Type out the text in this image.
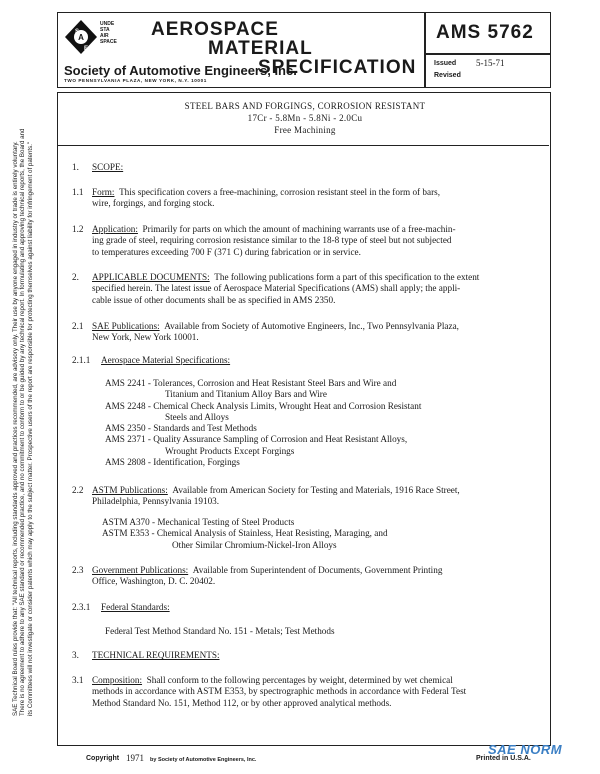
A
S
E
UNDE
STA
AIR
SPACE
AEROSPACE
MATERIAL
SPECIFICATION
Society of Automotive Engineers, Inc.
TWO PENNSYLVANIA PLAZA, NEW YORK, N.Y. 10001
AMS 5762
Issued 5-15-71
Revised
SAE Technical Board rules provide that: "All technical reports, including standards approved and practices recommended, are advisory only. Their use by anyone engaged in industry or trade is entirely voluntary. There is no agreement to adhere to any SAE standard or recommended practice, and no commitment to conform to or be guided by any technical report. In formulating and approving technical reports, the Board and its Committees will not investigate or consider patents which may apply to the subject matter. Prospective users of the report are responsible for protecting themselves against liability for infringement of patents."
STEEL BARS AND FORGINGS, CORROSION RESISTANT
17Cr - 5.8Mn - 5.8Ni - 2.0Cu
Free Machining
1. SCOPE:
1.1 Form: This specification covers a free-machining, corrosion resistant steel in the form of bars,
wire, forgings, and forging stock.
1.2 Application: Primarily for parts on which the amount of machining warrants use of a free-machin-
ing grade of steel, requiring corrosion resistance similar to the 18-8 type of steel but not subjected
to temperatures exceeding 700 F (371 C) during fabrication or in service.
2. APPLICABLE DOCUMENTS: The following publications form a part of this specification to the extent
specified herein. The latest issue of Aerospace Material Specifications (AMS) shall apply; the appli-
cable issue of other documents shall be as specified in AMS 2350.
2.1 SAE Publications: Available from Society of Automotive Engineers, Inc., Two Pennsylvania Plaza,
New York, New York 10001.
2.1.1 Aerospace Material Specifications:
AMS 2241 - Tolerances, Corrosion and Heat Resistant Steel Bars and Wire and
Titanium and Titanium Alloy Bars and Wire
AMS 2248 - Chemical Check Analysis Limits, Wrought Heat and Corrosion Resistant
Steels and Alloys
AMS 2350 - Standards and Test Methods
AMS 2371 - Quality Assurance Sampling of Corrosion and Heat Resistant Alloys,
Wrought Products Except Forgings
AMS 2808 - Identification, Forgings
2.2 ASTM Publications: Available from American Society for Testing and Materials, 1916 Race Street,
Philadelphia, Pennsylvania 19103.
ASTM A370 - Mechanical Testing of Steel Products
ASTM E353 - Chemical Analysis of Stainless, Heat Resisting, Maraging, and
Other Similar Chromium-Nickel-Iron Alloys
2.3 Government Publications: Available from Superintendent of Documents, Government Printing
Office, Washington, D. C. 20402.
2.3.1 Federal Standards:
Federal Test Method Standard No. 151 - Metals; Test Methods
3. TECHNICAL REQUIREMENTS:
3.1 Composition: Shall conform to the following percentages by weight, determined by wet chemical
methods in accordance with ASTM E353, by spectrographic methods in accordance with Federal Test
Method Standard No. 151, Method 112, or by other approved analytical methods.
Copyright 1971 by Society of Automotive Engineers, Inc.	Printed in U.S.A.
SAE NORM
